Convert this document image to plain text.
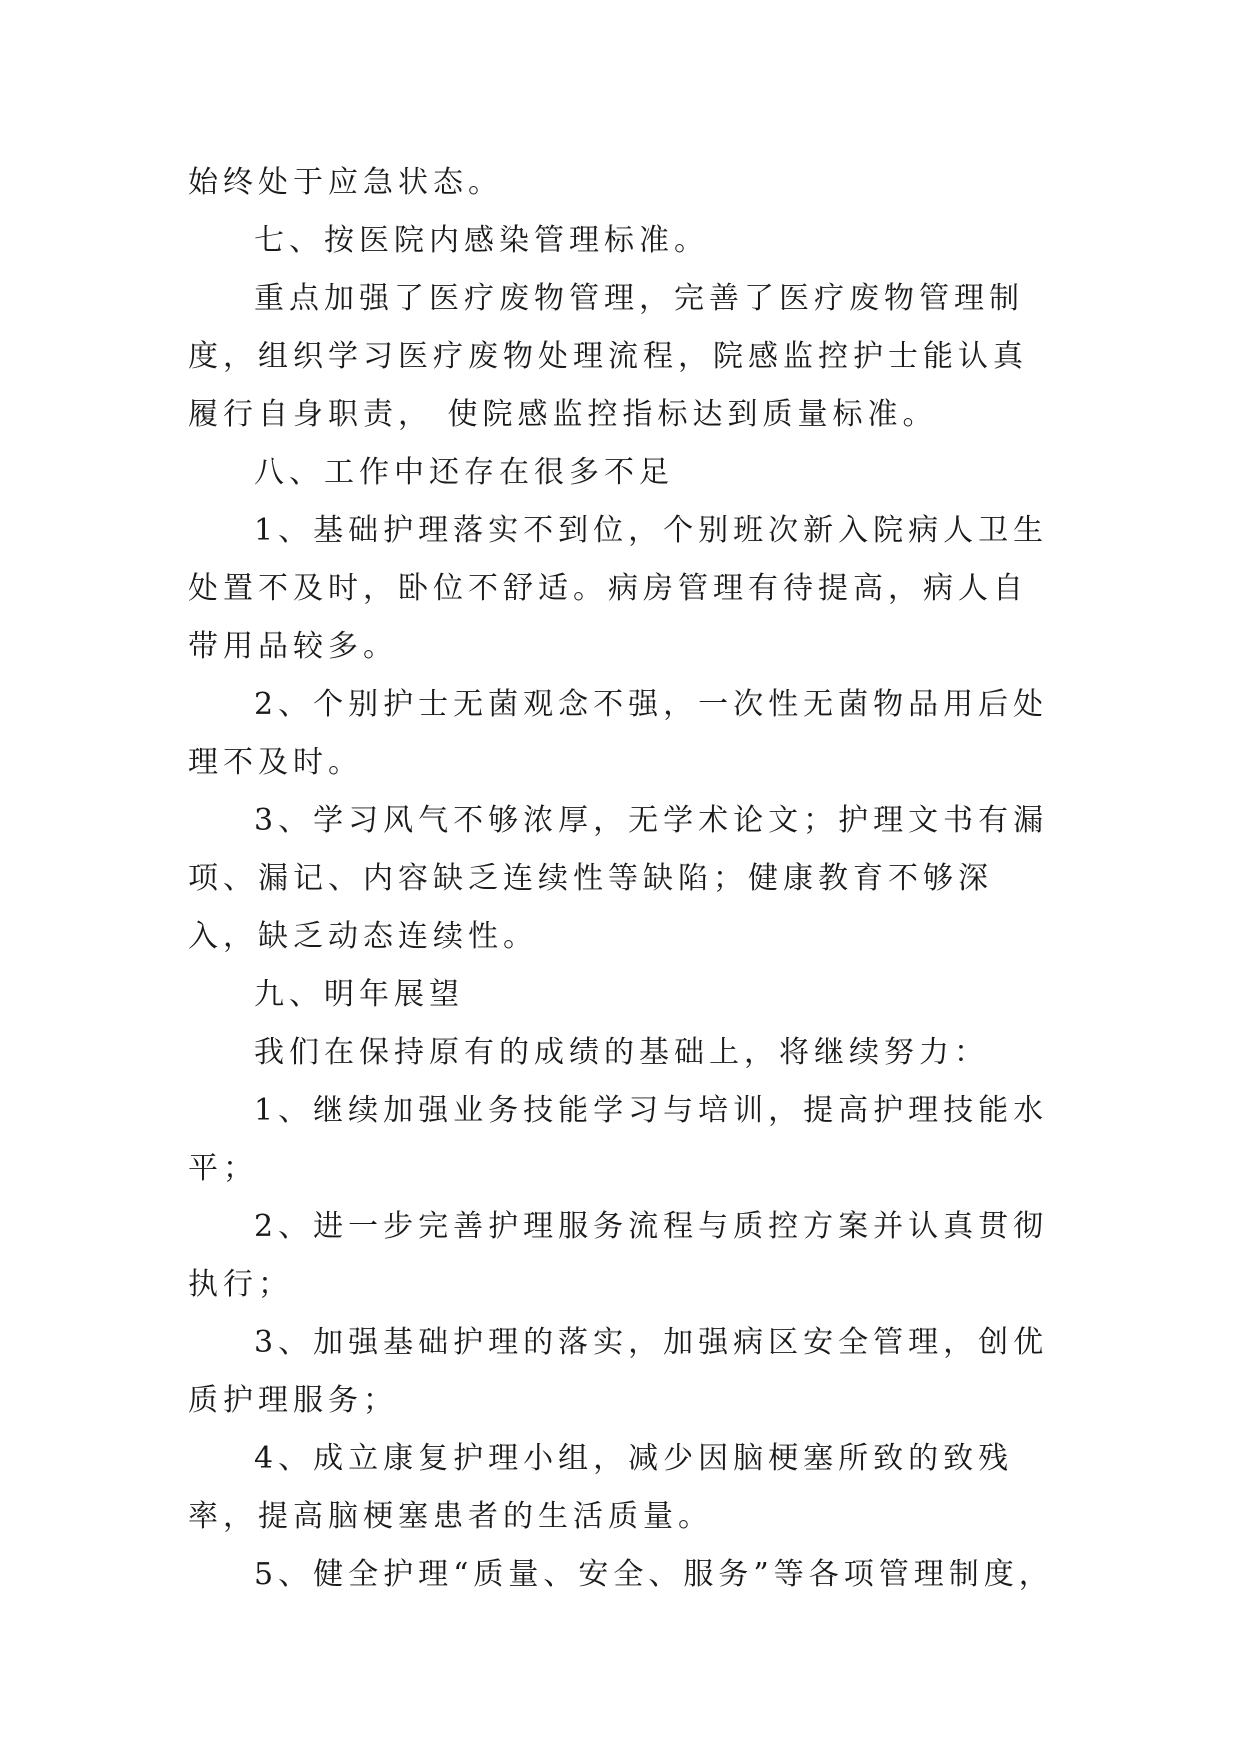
始终处于应急状态。

七、按医院内感染管理标准。

重点加强了医疗废物管理，完善了医疗废物管理制度，组织学习医疗废物处理流程，院感监控护士能认真履行自身职责， 使院感监控指标达到质量标准。

八、工作中还存在很多不足

1、基础护理落实不到位，个别班次新入院病人卫生处置不及时，卧位不舒适。病房管理有待提高，病人自带用品较多。

2、个别护士无菌观念不强，一次性无菌物品用后处理不及时。

3、学习风气不够浓厚，无学术论文；护理文书有漏项、漏记、内容缺乏连续性等缺陷；健康教育不够深入，缺乏动态连续性。

九、明年展望

我们在保持原有的成绩的基础上，将继续努力：

1、继续加强业务技能学习与培训，提高护理技能水平；

2、进一步完善护理服务流程与质控方案并认真贯彻执行；

3、加强基础护理的落实，加强病区安全管理，创优质护理服务；

4、成立康复护理小组，减少因脑梗塞所致的致残率，提高脑梗塞患者的生活质量。

5、健全护理“质量、安全、服务”等各项管理制度，
